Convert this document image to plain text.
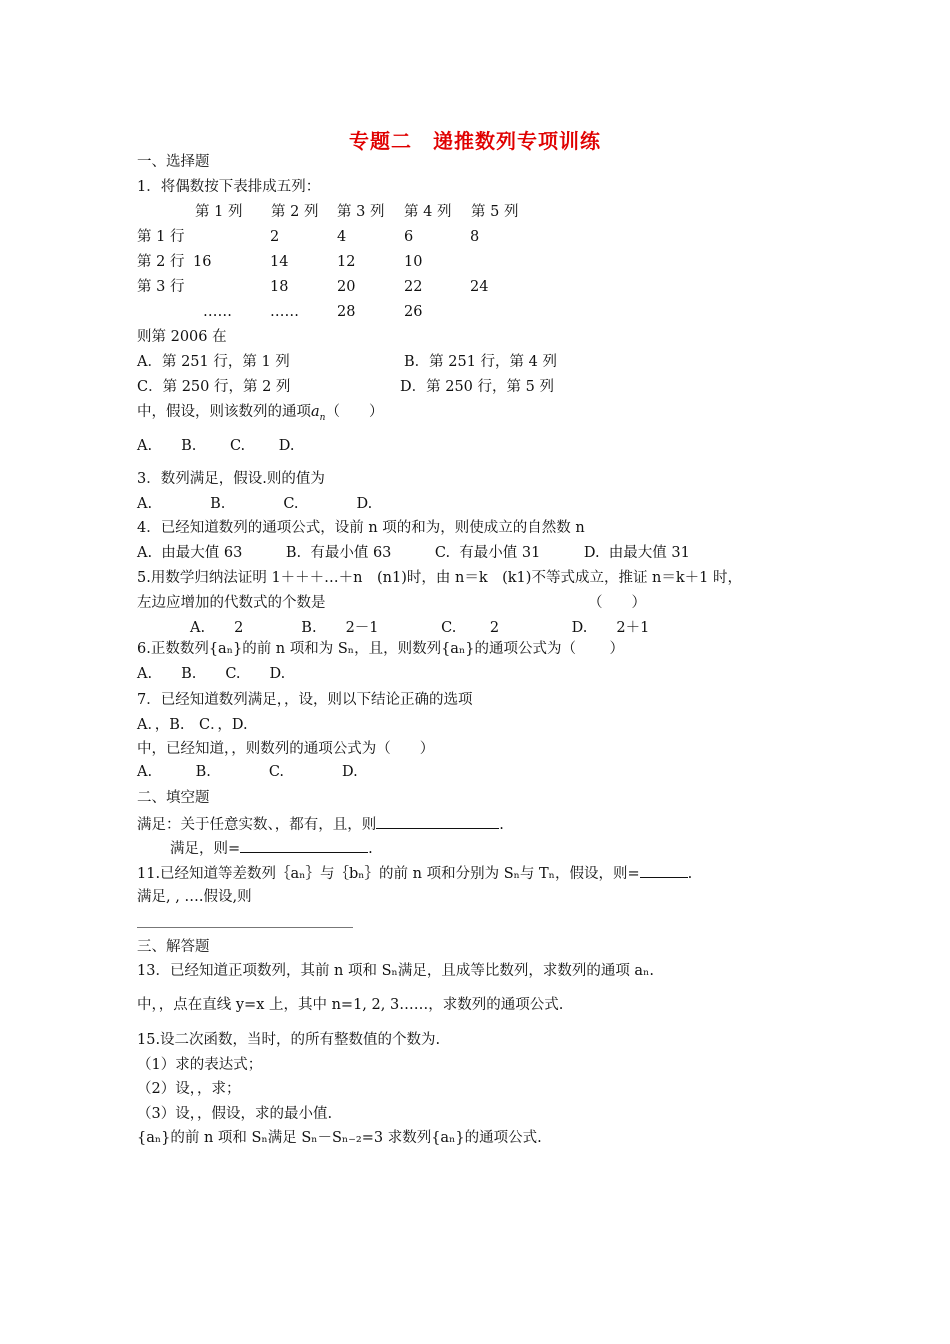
专题二　递推数列专项训练
一、选择题
1．将偶数按下表排成五列：
第 1 列 第 2 列 第 3 列 第 4 列 第 5 列
第 1 行	2	4	6	8
第 2 行 16	14	12	10
第 3 行	18	20	22	24
……	……	28	26
则第 2006 在
A．第 251 行，第 1 列	B．第 251 行，第 4 列
C．第 250 行，第 2 列	D．第 250 行，第 5 列
中，假设，则该数列的通项$a_n$（　　）
A.　　B.　　 C.　　 D.
3．数列满足，假设.则的值为
A.　　　　B.　　　　C.　　　　D.
4．已经知道数列的通项公式，设前 n 项的和为，则使成立的自然数 n
A.  由最大值 63　　　B.  有最小值 63　　　C.  有最小值 31　　　D.  由最大值 31
5.用数学归纳法证明 1＋＋＋…＋n　(n1)时，由 n＝k　(k1)不等式成立，推证 n＝k＋1 时，
左边应增加的代数式的个数是	（　　）
A.　　2　　　　B.　　2－1　　　　 C.　　 2　　　　　D.　　2＋1
6.正数数列{aₙ}的前 n 项和为 Sₙ，且，则数列{aₙ}的通项公式为（　　 ）
A.　　B.　　C.　　D.
7．已经知道数列满足，，设，则以下结论正确的选项
A．，B.　C．，D.
中，已经知道，，则数列的通项公式为（　　）
A.　　　B.　　　　C.　　　　D.
二、填空题
满足：关于任意实数、，都有，且，则	.
满足，则=	.
11.已经知道等差数列｛aₙ｝与｛bₙ｝的前 n 项和分别为 Sₙ与 Tₙ，假设，则=	.
满足, , ….假设,则
三、解答题
13．已经知道正项数列，其前 n 项和 Sₙ满足，且成等比数列，求数列的通项 aₙ.
中，，点在直线 y=x 上，其中 n=1, 2, 3……，求数列的通项公式.
15.设二次函数，当时，的所有整数值的个数为.
（1）求的表达式；
（2）设，，求；
（3）设，，假设，求的最小值.
{aₙ}的前 n 项和 Sₙ满足 Sₙ－Sₙ₋₂=3 求数列{aₙ}的通项公式.
